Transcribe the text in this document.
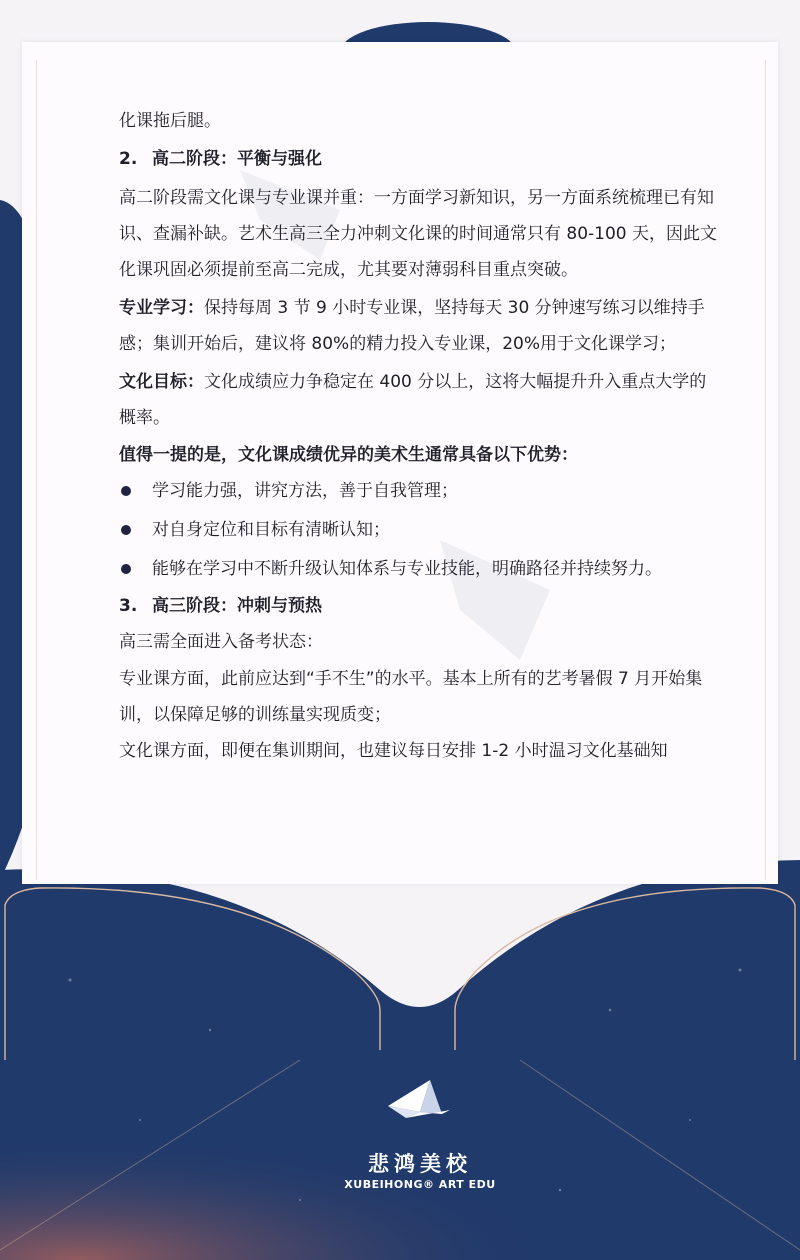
化课拖后腿。

2. 高二阶段：平衡与强化

高二阶段需文化课与专业课并重：一方面学习新知识，另一方面系统梳理已有知识、查漏补缺。艺术生高三全力冲刺文化课的时间通常只有 80-100 天，因此文化课巩固必须提前至高二完成，尤其要对薄弱科目重点突破。

专业学习：保持每周 3 节 9 小时专业课，坚持每天 30 分钟速写练习以维持手感；集训开始后，建议将 80%的精力投入专业课，20%用于文化课学习；

文化目标：文化成绩应力争稳定在 400 分以上，这将大幅提升升入重点大学的概率。

值得一提的是，文化课成绩优异的美术生通常具备以下优势：

学习能力强，讲究方法，善于自我管理；
对自身定位和目标有清晰认知；
能够在学习中不断升级认知体系与专业技能，明确路径并持续努力。

3. 高三阶段：冲刺与预热

高三需全面进入备考状态：

专业课方面，此前应达到“手不生”的水平。基本上所有的艺考暑假 7 月开始集训，以保障足够的训练量实现质变；

文化课方面，即便在集训期间，也建议每日安排 1-2 小时温习文化基础知

悲鸿美校
XUBEIHONG® ART EDU
